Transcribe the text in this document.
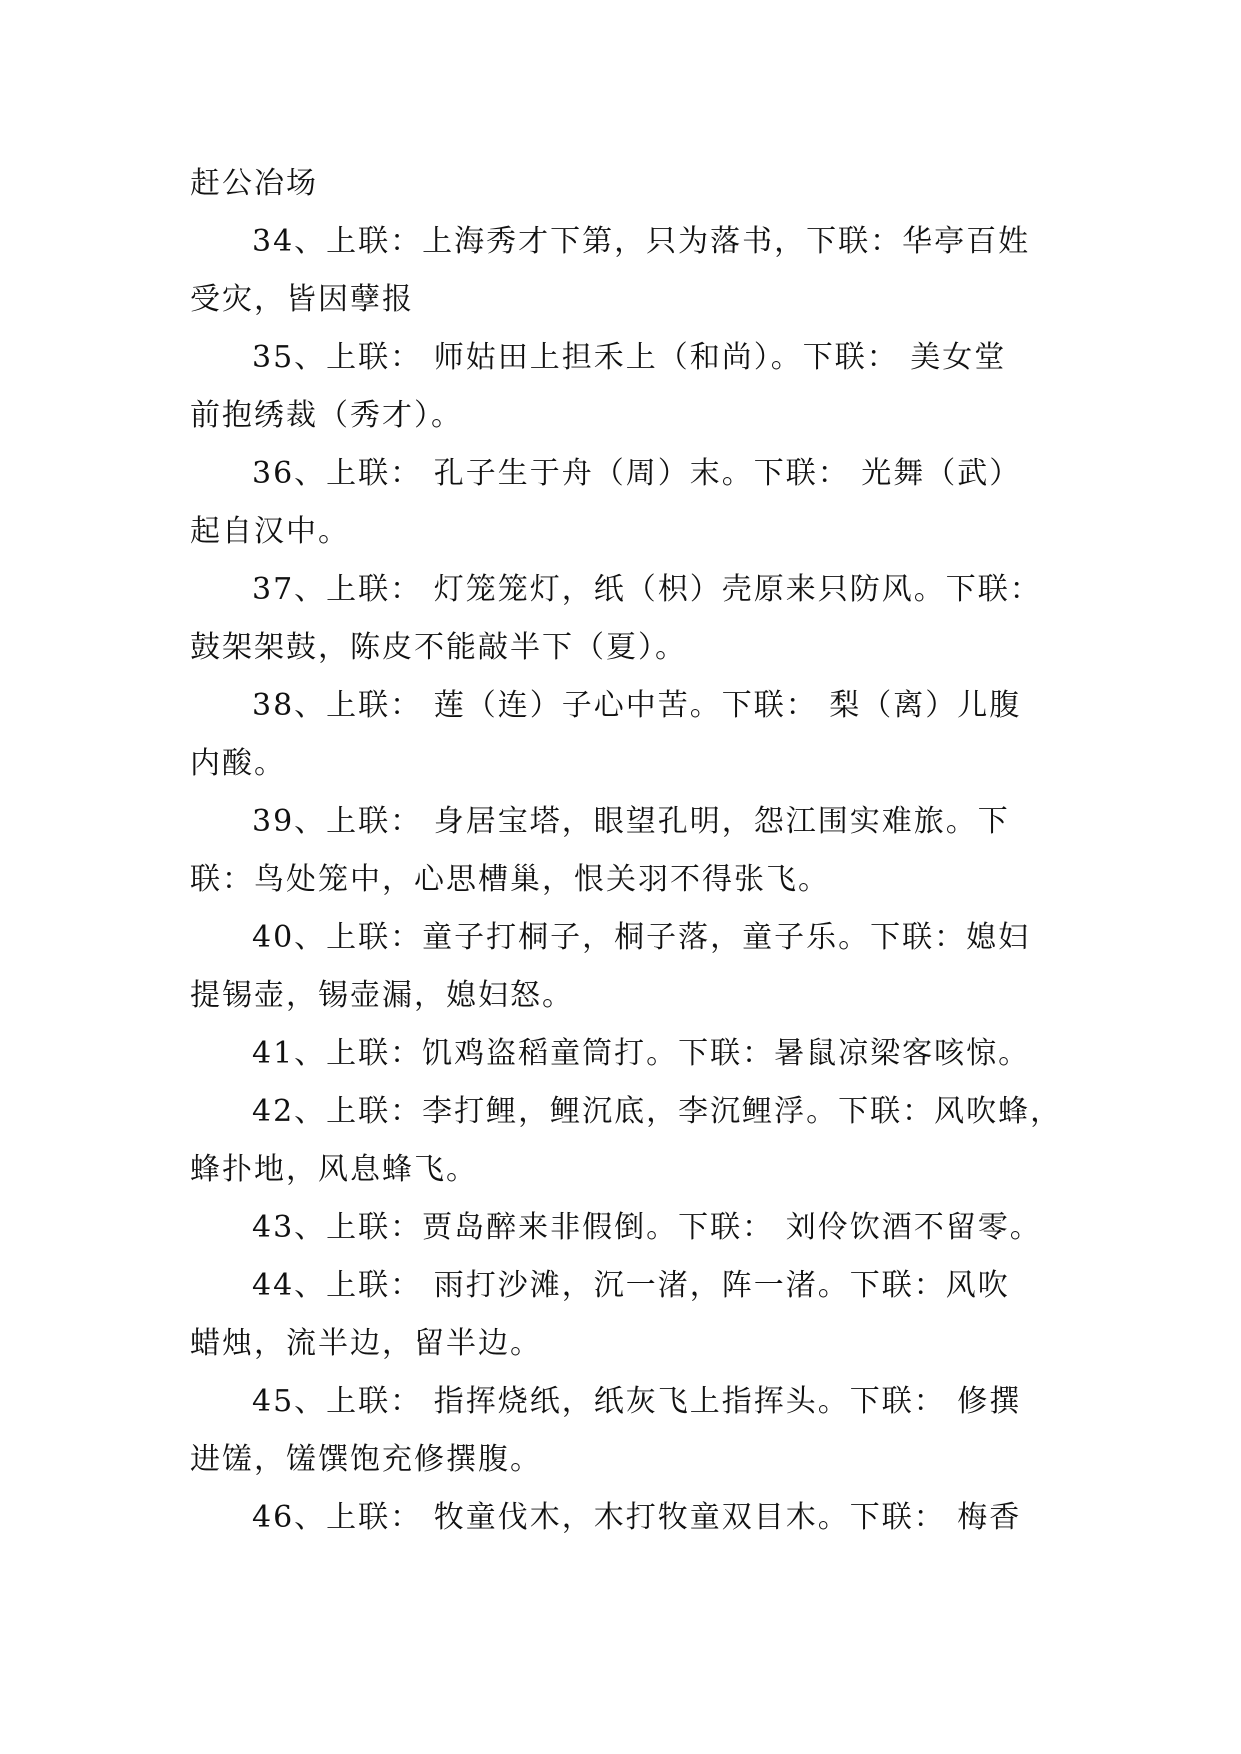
赶公冶场
34、上联：上海秀才下第，只为落书，下联：华亭百姓
受灾，皆因孽报
35、上联： 师姑田上担禾上（和尚）。下联： 美女堂
前抱绣裁（秀才）。
36、上联： 孔子生于舟（周）末。下联： 光舞（武）
起自汉中。
37、上联： 灯笼笼灯，纸（枳）壳原来只防风。下联：
鼓架架鼓，陈皮不能敲半下（夏）。
38、上联： 莲（连）子心中苦。下联： 梨（离）儿腹
内酸。
39、上联： 身居宝塔，眼望孔明，怨江围实难旅。下
联：鸟处笼中，心思槽巢，恨关羽不得张飞。
40、上联：童子打桐子，桐子落，童子乐。下联：媳妇
提锡壶，锡壶漏，媳妇怒。
41、上联：饥鸡盗稻童筒打。下联：暑鼠凉梁客咳惊。
42、上联：李打鲤，鲤沉底，李沉鲤浮。下联：风吹蜂，
蜂扑地，风息蜂飞。
43、上联：贾岛醉来非假倒。下联： 刘伶饮酒不留零。
44、上联： 雨打沙滩，沉一渚，阵一渚。下联：风吹
蜡烛，流半边，留半边。
45、上联： 指挥烧纸，纸灰飞上指挥头。下联： 修撰
进馐，馐馔饱充修撰腹。
46、上联： 牧童伐木，木打牧童双目木。下联： 梅香
